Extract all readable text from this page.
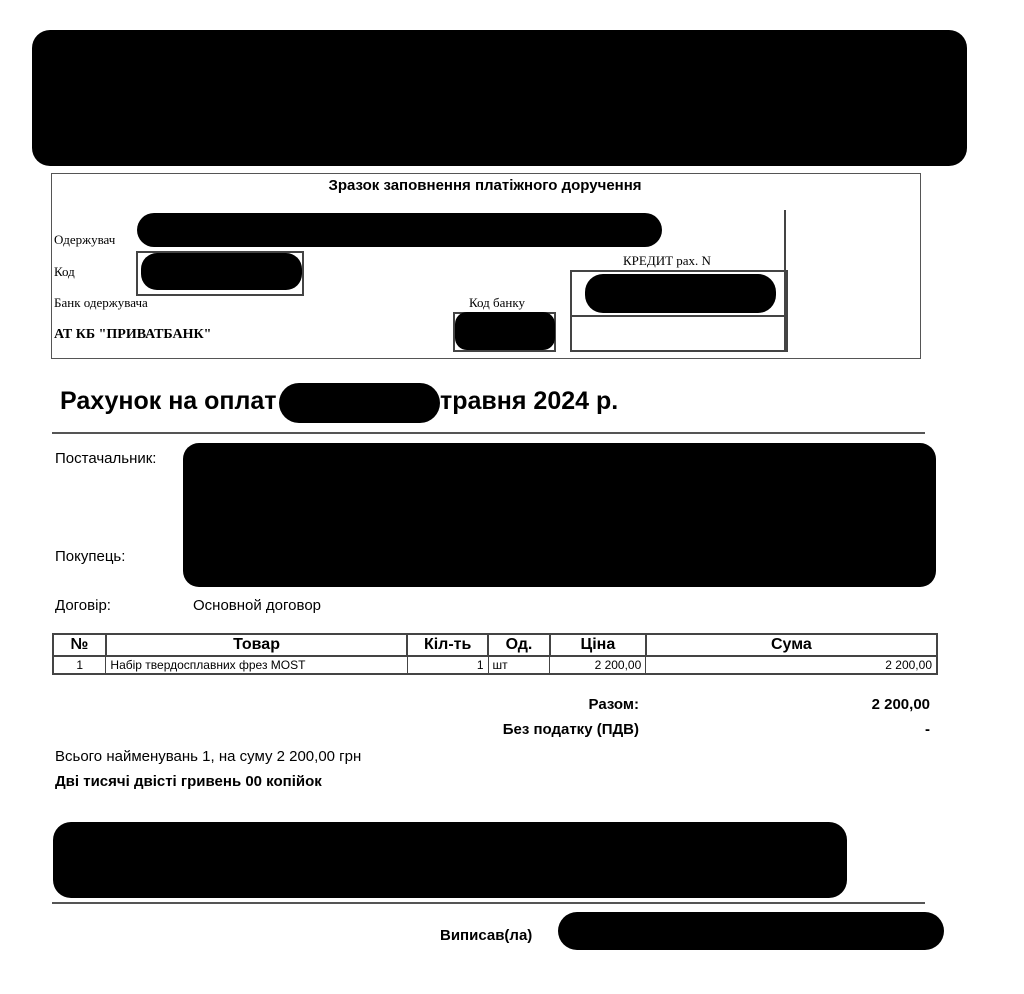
Зразок заповнення платіжного доручення
Одержувач
Код
КРЕДИТ рах. N
Банк одержувача	Код банку
АТ КБ "ПРИВАТБАНК"
Рахунок на оплат	травня 2024 р.
Постачальник:
Покупець:
Договір:	Основной договор
№	Товар	Кіл-ть	Од.	Ціна	Сума
1	Набір твердосплавних фрез MOST	1	шт	2 200,00	2 200,00
Разом:	2 200,00
Без податку (ПДВ)	-
Всього найменувань 1, на суму 2 200,00 грн
Дві тисячі двісті гривень 00 копійок
Виписав(ла)
